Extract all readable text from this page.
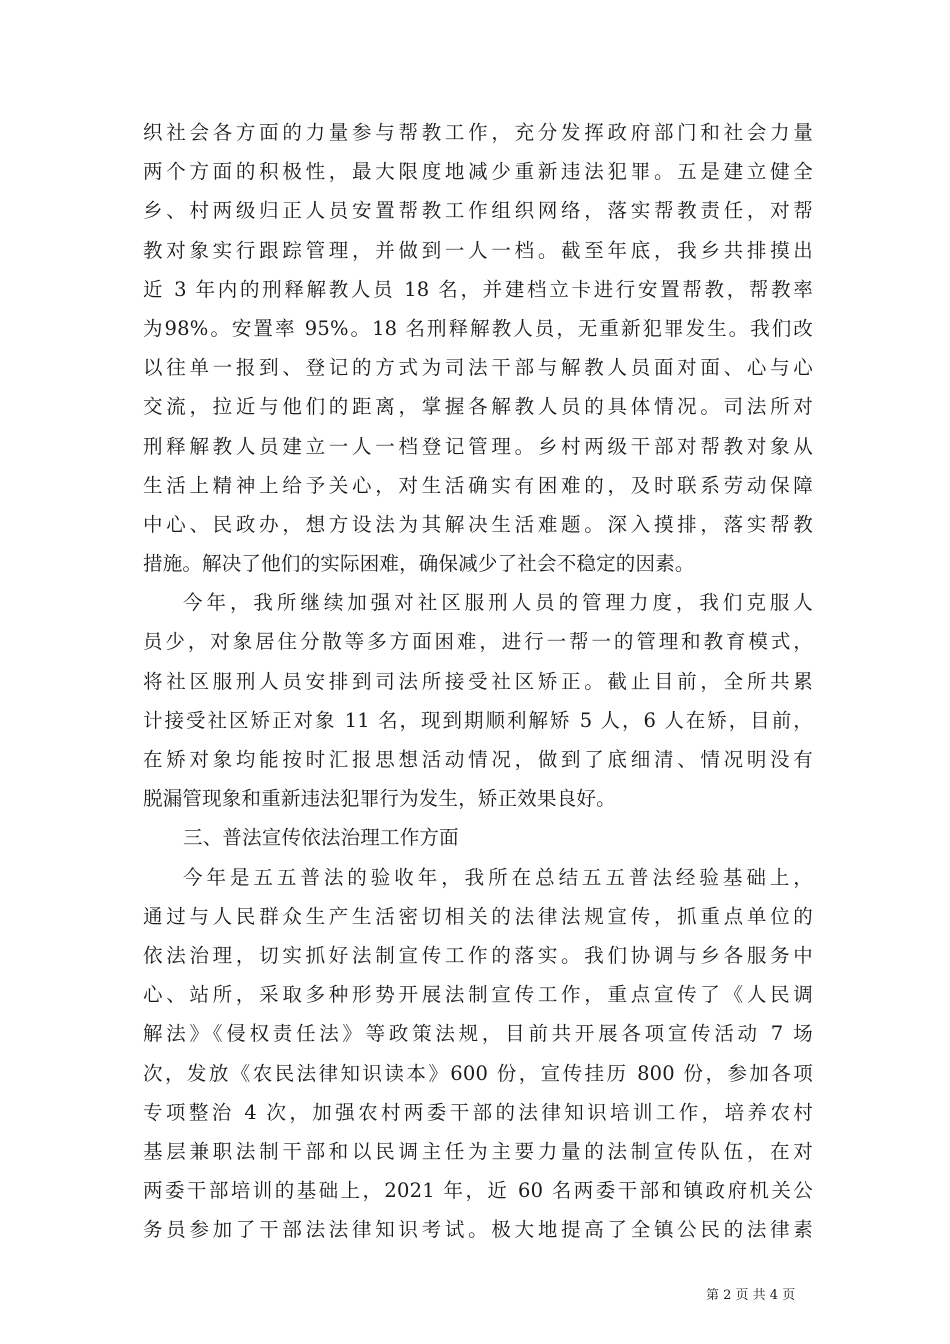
织社会各方面的力量参与帮教工作，充分发挥政府部门和社会力量
两个方面的积极性，最大限度地减少重新违法犯罪。五是建立健全
乡、村两级归正人员安置帮教工作组织网络，落实帮教责任，对帮
教对象实行跟踪管理，并做到一人一档。截至年底，我乡共排摸出
近 3 年内的刑释解教人员 18 名，并建档立卡进行安置帮教，帮教率
为98%。安置率 95%。18 名刑释解教人员，无重新犯罪发生。我们改
以往单一报到、登记的方式为司法干部与解教人员面对面、心与心
交流，拉近与他们的距离，掌握各解教人员的具体情况。司法所对
刑释解教人员建立一人一档登记管理。乡村两级干部对帮教对象从
生活上精神上给予关心，对生活确实有困难的，及时联系劳动保障
中心、民政办，想方设法为其解决生活难题。深入摸排，落实帮教
措施。解决了他们的实际困难，确保减少了社会不稳定的因素。
今年，我所继续加强对社区服刑人员的管理力度，我们克服人
员少，对象居住分散等多方面困难，进行一帮一的管理和教育模式，
将社区服刑人员安排到司法所接受社区矫正。截止目前，全所共累
计接受社区矫正对象 11 名，现到期顺利解矫 5 人，6 人在矫，目前，
在矫对象均能按时汇报思想活动情况，做到了底细清、情况明没有
脱漏管现象和重新违法犯罪行为发生，矫正效果良好。
三、普法宣传依法治理工作方面
今年是五五普法的验收年，我所在总结五五普法经验基础上，
通过与人民群众生产生活密切相关的法律法规宣传，抓重点单位的
依法治理，切实抓好法制宣传工作的落实。我们协调与乡各服务中
心、站所，采取多种形势开展法制宣传工作，重点宣传了《人民调
解法》《侵权责任法》等政策法规，目前共开展各项宣传活动 7 场
次，发放《农民法律知识读本》600 份，宣传挂历 800 份，参加各项
专项整治 4 次，加强农村两委干部的法律知识培训工作，培养农村
基层兼职法制干部和以民调主任为主要力量的法制宣传队伍，在对
两委干部培训的基础上，2021 年，近 60 名两委干部和镇政府机关公
务员参加了干部法法律知识考试。极大地提高了全镇公民的法律素
第 2 页 共 4 页
